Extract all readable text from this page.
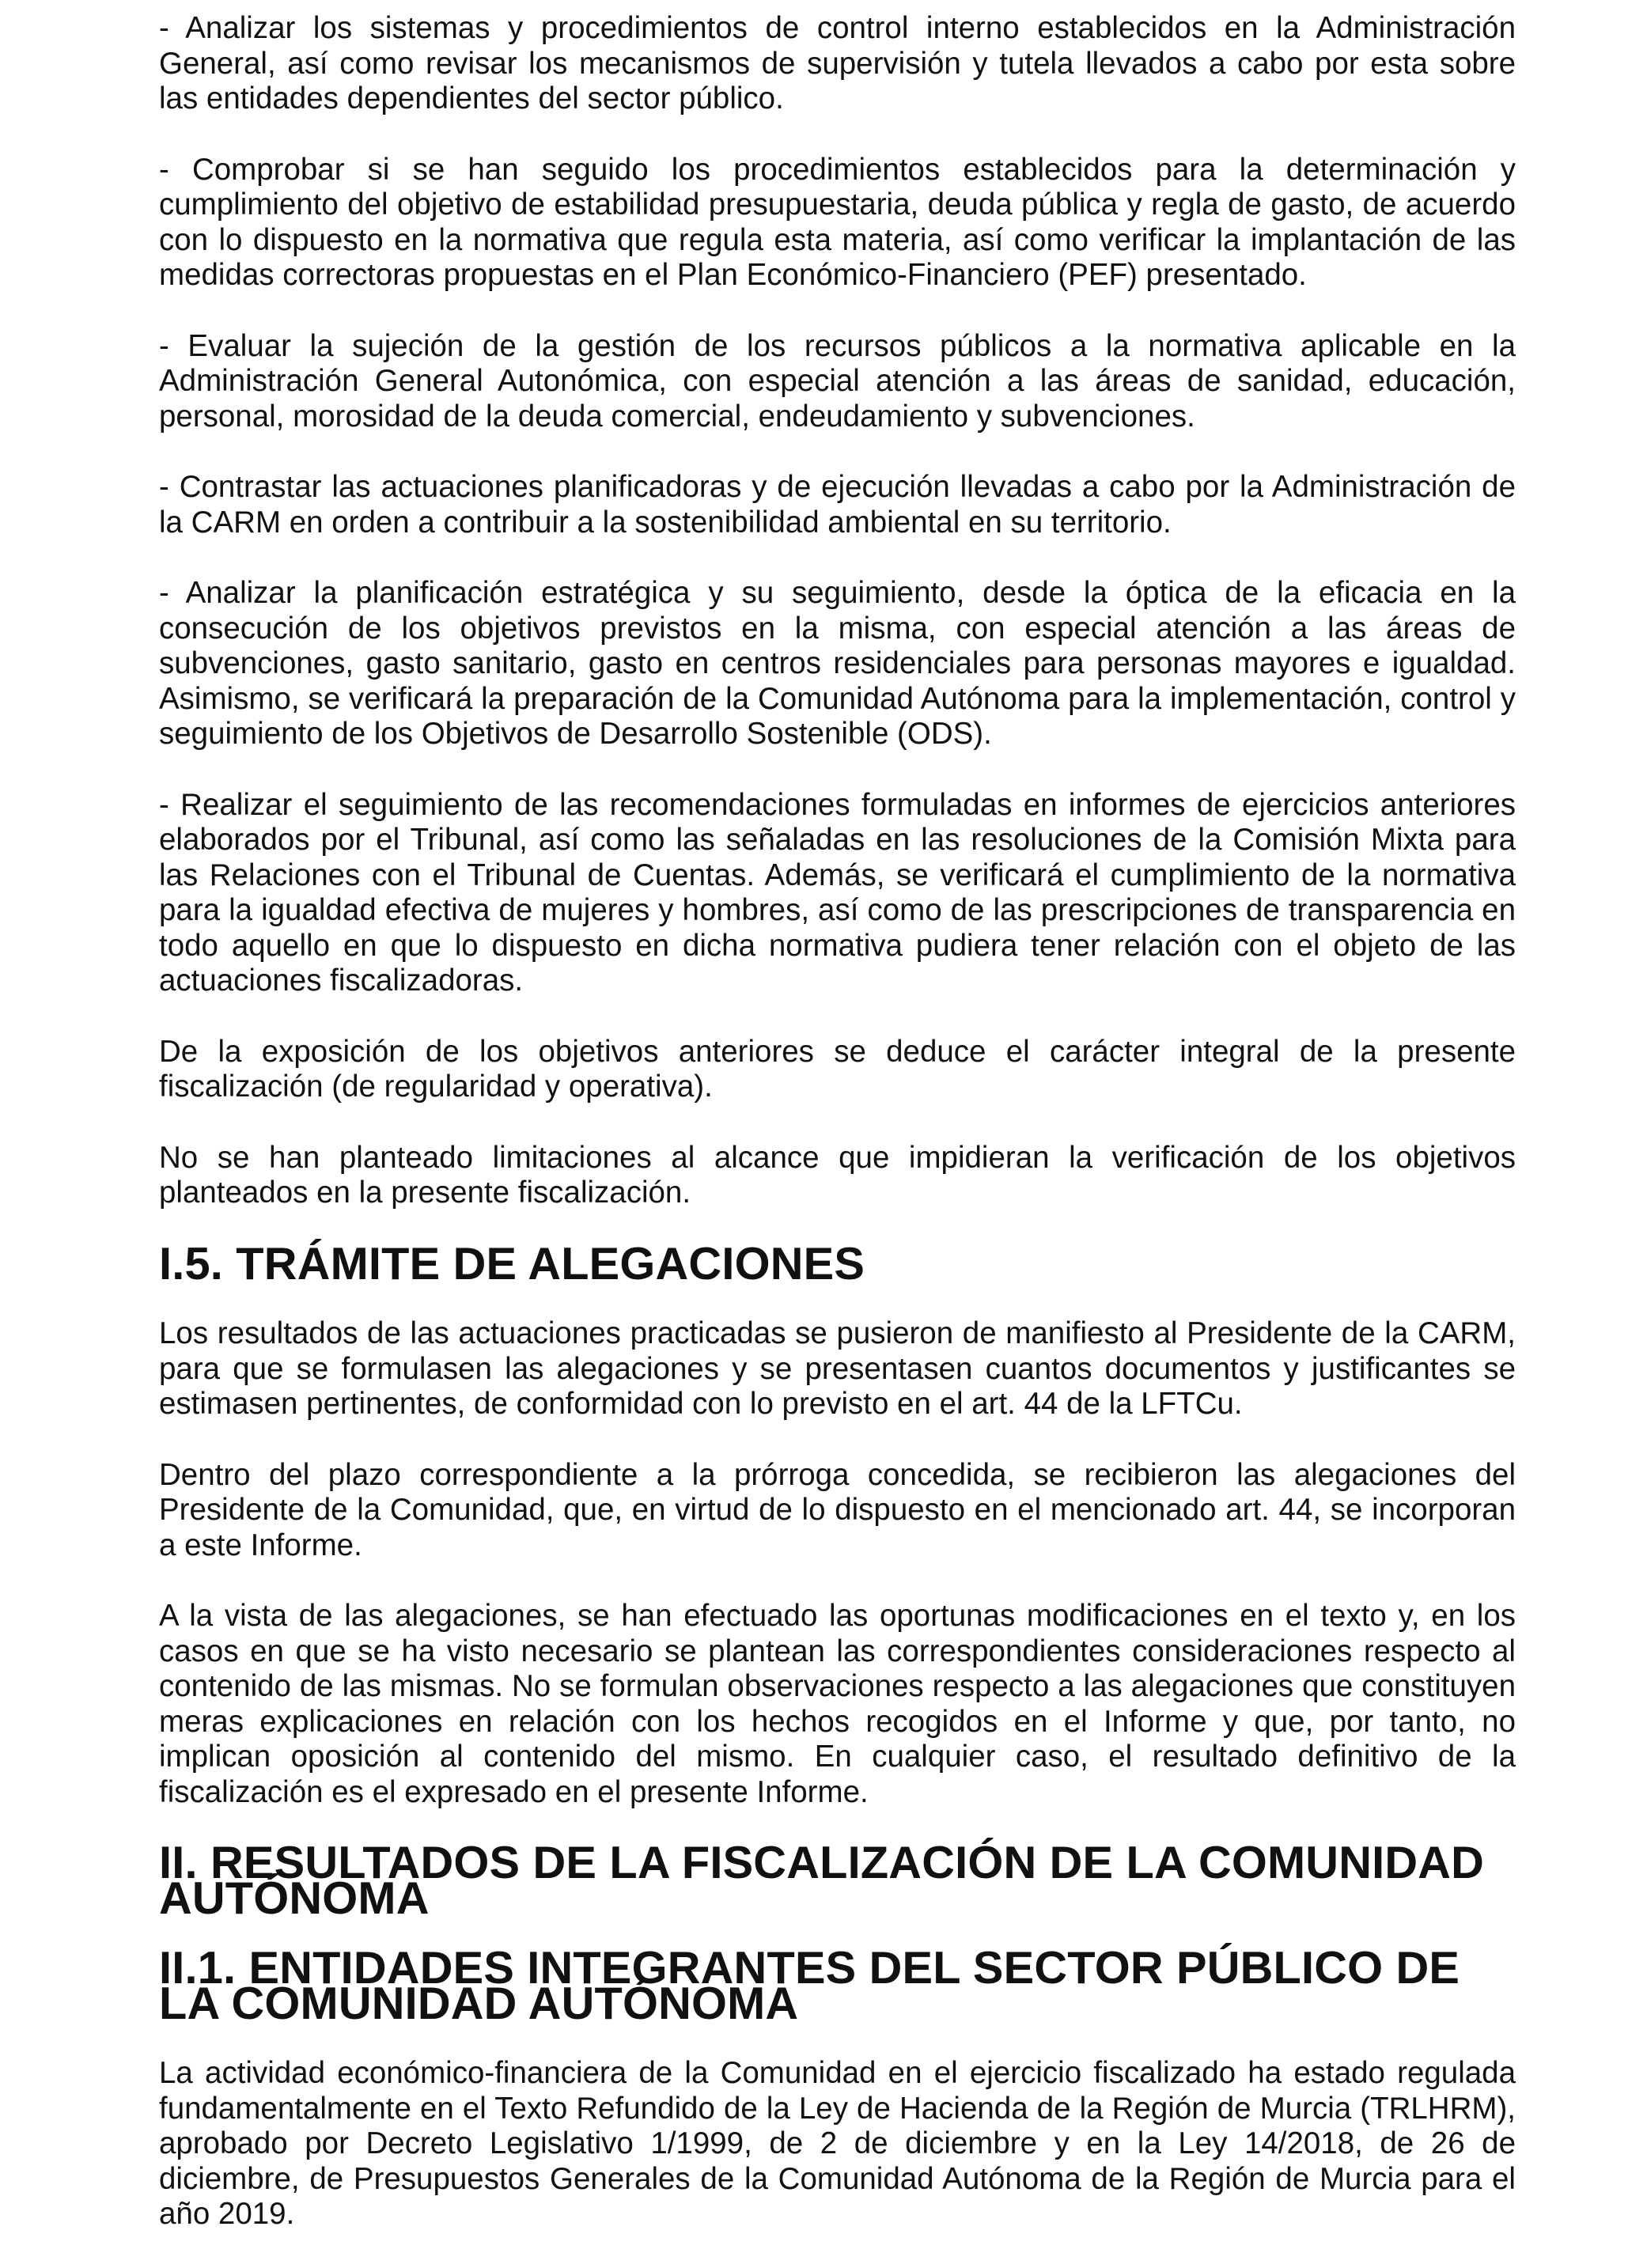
- Analizar los sistemas y procedimientos de control interno establecidos en la Administración General, así como revisar los mecanismos de supervisión y tutela llevados a cabo por esta sobre las entidades dependientes del sector público.

- Comprobar si se han seguido los procedimientos establecidos para la determinación y cumplimiento del objetivo de estabilidad presupuestaria, deuda pública y regla de gasto, de acuerdo con lo dispuesto en la normativa que regula esta materia, así como verificar la implantación de las medidas correctoras propuestas en el Plan Económico-Financiero (PEF) presentado.

- Evaluar la sujeción de la gestión de los recursos públicos a la normativa aplicable en la Administración General Autonómica, con especial atención a las áreas de sanidad, educación, personal, morosidad de la deuda comercial, endeudamiento y subvenciones.

- Contrastar las actuaciones planificadoras y de ejecución llevadas a cabo por la Administración de la CARM en orden a contribuir a la sostenibilidad ambiental en su territorio.

- Analizar la planificación estratégica y su seguimiento, desde la óptica de la eficacia en la consecución de los objetivos previstos en la misma, con especial atención a las áreas de subvenciones, gasto sanitario, gasto en centros residenciales para personas mayores e igualdad. Asimismo, se verificará la preparación de la Comunidad Autónoma para la implementación, control y seguimiento de los Objetivos de Desarrollo Sostenible (ODS).

- Realizar el seguimiento de las recomendaciones formuladas en informes de ejercicios anteriores elaborados por el Tribunal, así como las señaladas en las resoluciones de la Comisión Mixta para las Relaciones con el Tribunal de Cuentas. Además, se verificará el cumplimiento de la normativa para la igualdad efectiva de mujeres y hombres, así como de las prescripciones de transparencia en todo aquello en que lo dispuesto en dicha normativa pudiera tener relación con el objeto de las actuaciones fiscalizadoras.

De la exposición de los objetivos anteriores se deduce el carácter integral de la presente fiscalización (de regularidad y operativa).

No se han planteado limitaciones al alcance que impidieran la verificación de los objetivos planteados en la presente fiscalización.

I.5. TRÁMITE DE ALEGACIONES

Los resultados de las actuaciones practicadas se pusieron de manifiesto al Presidente de la CARM, para que se formulasen las alegaciones y se presentasen cuantos documentos y justificantes se estimasen pertinentes, de conformidad con lo previsto en el art. 44 de la LFTCu.

Dentro del plazo correspondiente a la prórroga concedida, se recibieron las alegaciones del Presidente de la Comunidad, que, en virtud de lo dispuesto en el mencionado art. 44, se incorporan a este Informe.

A la vista de las alegaciones, se han efectuado las oportunas modificaciones en el texto y, en los casos en que se ha visto necesario se plantean las correspondientes consideraciones respecto al contenido de las mismas. No se formulan observaciones respecto a las alegaciones que constituyen meras explicaciones en relación con los hechos recogidos en el Informe y que, por tanto, no implican oposición al contenido del mismo. En cualquier caso, el resultado definitivo de la fiscalización es el expresado en el presente Informe.

II. RESULTADOS DE LA FISCALIZACIÓN DE LA COMUNIDAD AUTÓNOMA
II.1. ENTIDADES INTEGRANTES DEL SECTOR PÚBLICO DE LA COMUNIDAD AUTÓNOMA

La actividad económico-financiera de la Comunidad en el ejercicio fiscalizado ha estado regulada fundamentalmente en el Texto Refundido de la Ley de Hacienda de la Región de Murcia (TRLHRM), aprobado por Decreto Legislativo 1/1999, de 2 de diciembre y en la Ley 14/2018, de 26 de diciembre, de Presupuestos Generales de la Comunidad Autónoma de la Región de Murcia para el año 2019.
